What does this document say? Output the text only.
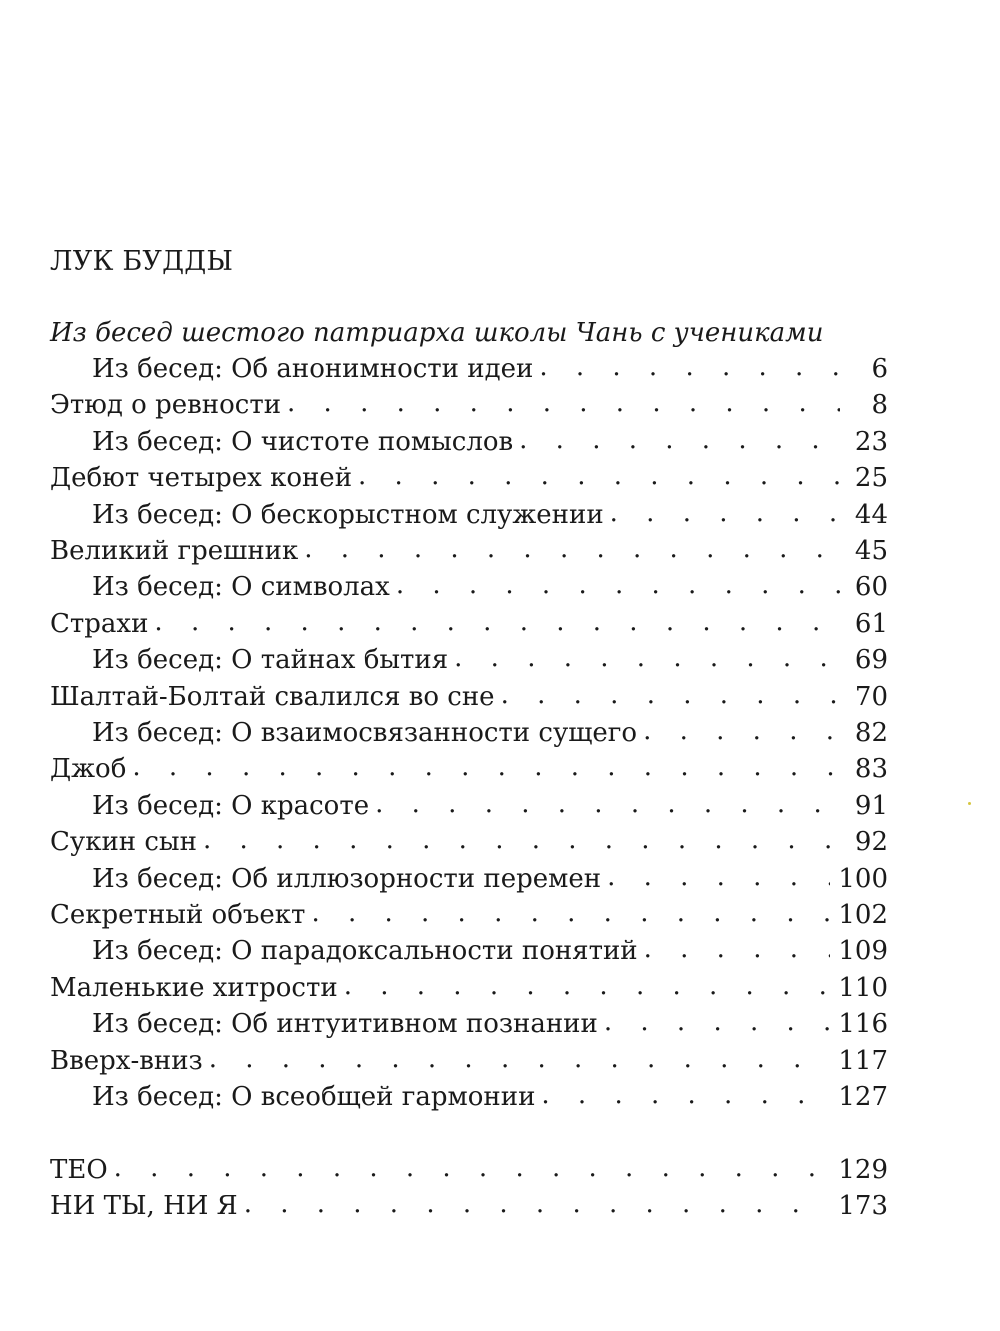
ЛУК БУДДЫ
Из бесед шестого патриарха школы Чань с учениками
Из бесед: Об анонимности идеи . . .	6
Этюд о ревности . . .	8
Из бесед: О чистоте помыслов . . .	23
Дебют четырех коней . . .	25
Из бесед: О бескорыстном служении . . .	44
Великий грешник . . .	45
Из бесед: О символах . . .	60
Страхи . . .	61
Из бесед: О тайнах бытия . . .	69
Шалтай-Болтай свалился во сне . . .	70
Из бесед: О взаимосвязанности сущего . . .	82
Джоб . . .	83
Из бесед: О красоте . . .	91
Сукин сын . . .	92
Из бесед: Об иллюзорности перемен . . .	100
Секретный объект . . .	102
Из бесед: О парадоксальности понятий . . .	109
Маленькие хитрости . . .	110
Из бесед: Об интуитивном познании . . .	116
Вверх-вниз . . .	117
Из бесед: О всеобщей гармонии . . .	127
ТЕО . . .	129
НИ ТЫ, НИ Я . . .	173
